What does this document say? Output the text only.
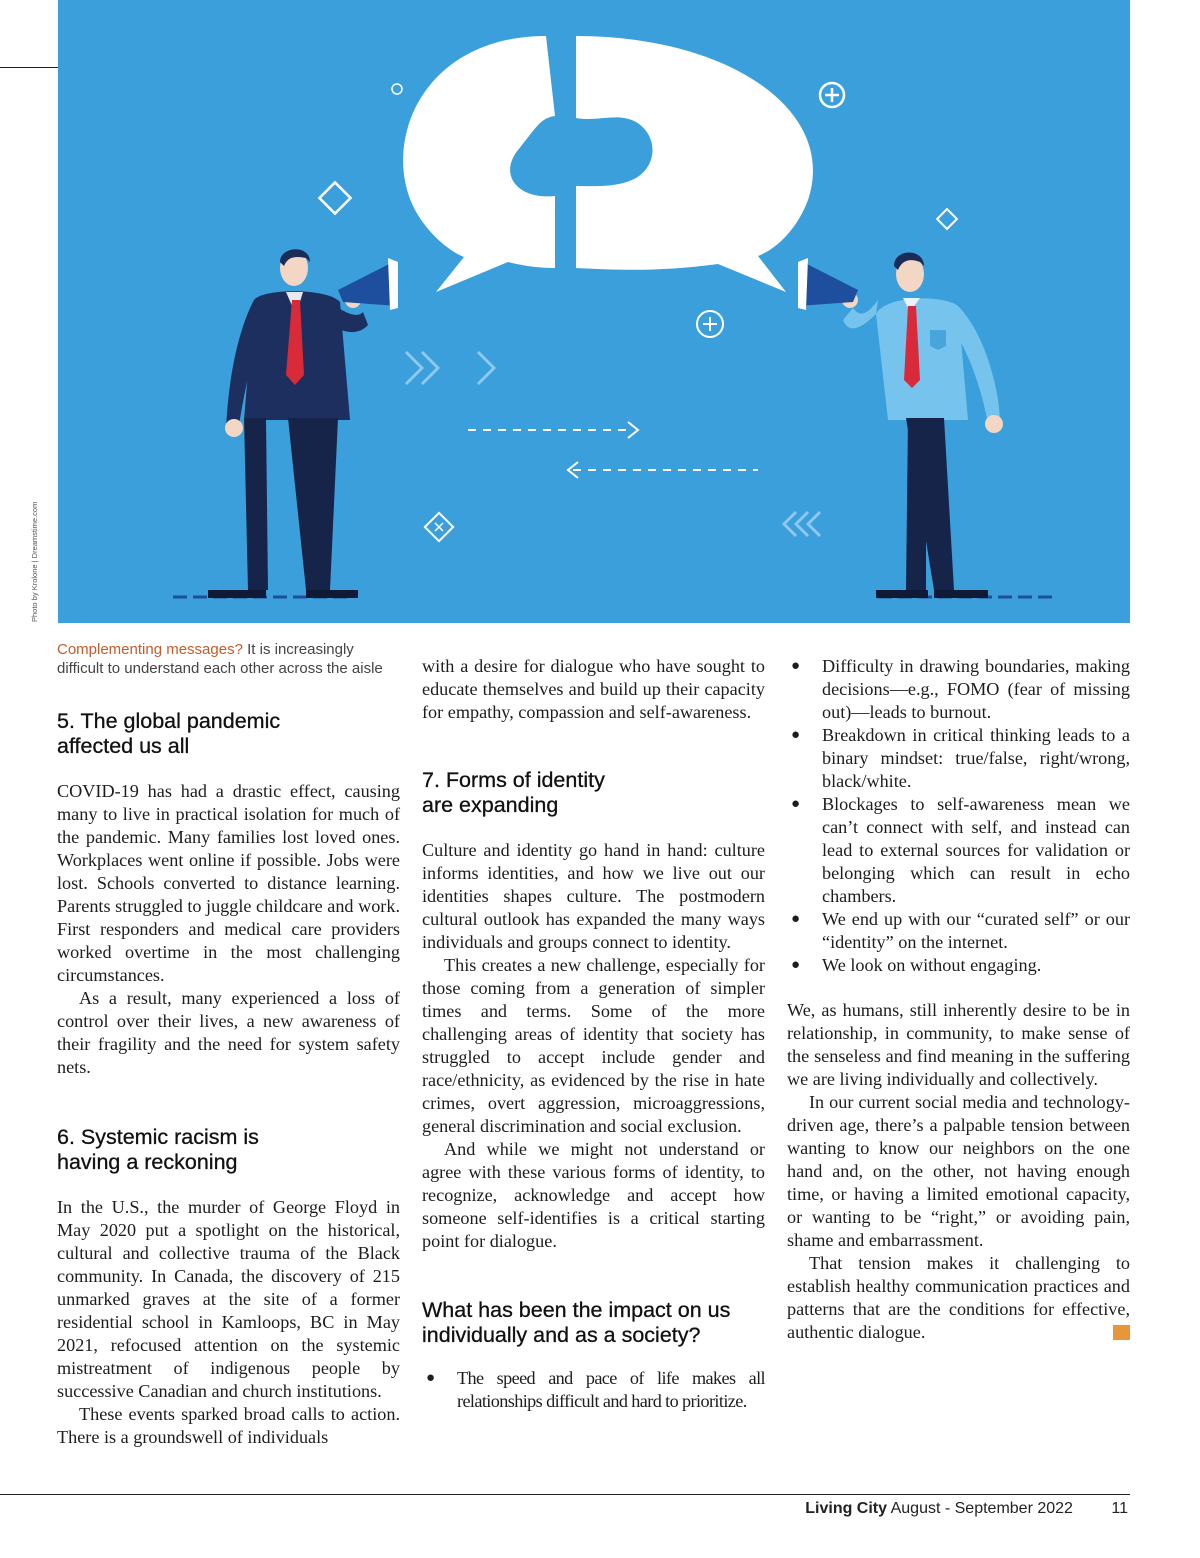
Photo by Krolone | Dreamstime.com

Complementing messages? It is increasingly difficult to understand each other across the aisle

5. The global pandemic
affected us all

COVID-19 has had a drastic effect, causing many to live in practical isolation for much of the pandemic. Many families lost loved ones. Workplaces went online if possible. Jobs were lost. Schools converted to distance learning. Parents struggled to juggle childcare and work. First responders and medical care providers worked overtime in the most challenging circumstances.

As a result, many experienced a loss of control over their lives, a new awareness of their fragility and the need for system safety nets.

6. Systemic racism is
having a reckoning

In the U.S., the murder of George Floyd in May 2020 put a spotlight on the historical, cultural and collective trauma of the Black community. In Canada, the discovery of 215 unmarked graves at the site of a former residential school in Kamloops, BC in May 2021, refocused attention on the systemic mistreatment of indigenous people by successive Canadian and church institutions.

These events sparked broad calls to action. There is a groundswell of individuals

with a desire for dialogue who have sought to educate themselves and build up their capacity for empathy, compassion and self-awareness.

7. Forms of identity
are expanding

Culture and identity go hand in hand: culture informs identities, and how we live out our identities shapes culture. The postmodern cultural outlook has expanded the many ways individuals and groups connect to identity.

This creates a new challenge, especially for those coming from a generation of simpler times and terms. Some of the more challenging areas of identity that society has struggled to accept include gender and race/ethnicity, as evidenced by the rise in hate crimes, overt aggression, microaggressions, general discrimination and social exclusion.

And while we might not understand or agree with these various forms of identity, to recognize, acknowledge and accept how someone self-identifies is a critical starting point for dialogue.

What has been the impact on us
individually and as a society?
● The speed and pace of life makes all relationships difficult and hard to prioritize.
● Difficulty in drawing boundaries, making decisions—e.g., FOMO (fear of missing out)—leads to burnout.
● Breakdown in critical thinking leads to a binary mindset: true/false, right/wrong, black/white.
● Blockages to self-awareness mean we can’t connect with self, and instead can lead to external sources for validation or belonging which can result in echo chambers.
● We end up with our “curated self” or our “identity” on the internet.
● We look on without engaging.

We, as humans, still inherently desire to be in relationship, in community, to make sense of the senseless and find meaning in the suffering we are living individually and collectively.

In our current social media and technology-driven age, there’s a palpable tension between wanting to know our neighbors on the one hand and, on the other, not having enough time, or having a limited emotional capacity, or wanting to be “right,” or avoiding pain, shame and embarrassment.

That tension makes it challenging to establish healthy communication practices and patterns that are the conditions for effective, authentic dialogue.	LC

Living City August - September 2022 11
